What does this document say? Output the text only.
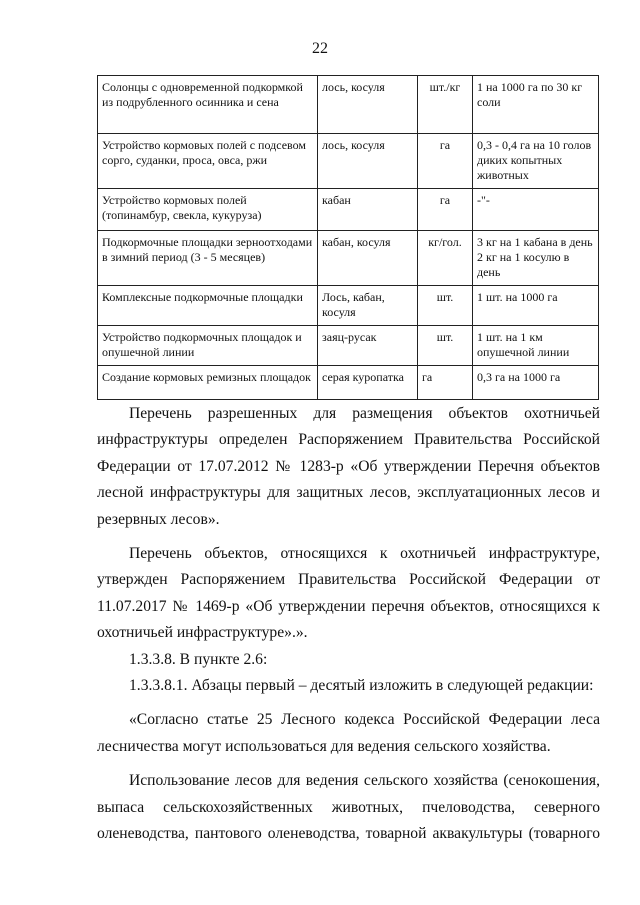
22
Солонцы с одновременной подкормкой из подрубленного осинника и сена	лось, косуля	шт./кг	1 на 1000 га по 30 кг соли
Устройство кормовых полей с подсевом сорго, суданки, проса, овса, ржи	лось, косуля	га	0,3 - 0,4 га на 10 голов диких копытных животных
Устройство кормовых полей (топинамбур, свекла, кукуруза)	кабан	га	-"-
Подкормочные площадки зерноотходами в зимний период (3 - 5 месяцев)	кабан, косуля	кг/гол.	3 кг на 1 кабана в день 2 кг на 1 косулю в день
Комплексные подкормочные площадки	Лось, кабан, косуля	шт.	1 шт. на 1000 га
Устройство подкормочных площадок и опушечной линии	заяц-русак	шт.	1 шт. на 1 км опушечной линии
Создание кормовых ремизных площадок	серая куропатка	га	0,3 га на 1000 га

Перечень разрешенных для размещения объектов охотничьей инфраструктуры определен Распоряжением Правительства Российской Федерации от 17.07.2012 № 1283-р «Об утверждении Перечня объектов лесной инфраструктуры для защитных лесов, эксплуатационных лесов и резервных лесов».

Перечень объектов, относящихся к охотничьей инфраструктуре, утвержден Распоряжением Правительства Российской Федерации от 11.07.2017 № 1469-р «Об утверждении перечня объектов, относящихся к охотничьей инфраструктуре».».

1.3.3.8. В пункте 2.6:

1.3.3.8.1. Абзацы первый – десятый изложить в следующей редакции:

«Согласно статье 25 Лесного кодекса Российской Федерации леса лесничества могут использоваться для ведения сельского хозяйства.

Использование лесов для ведения сельского хозяйства (сенокошения, выпаса сельскохозяйственных животных, пчеловодства, северного оленеводства, пантового оленеводства, товарной аквакультуры (товарного
